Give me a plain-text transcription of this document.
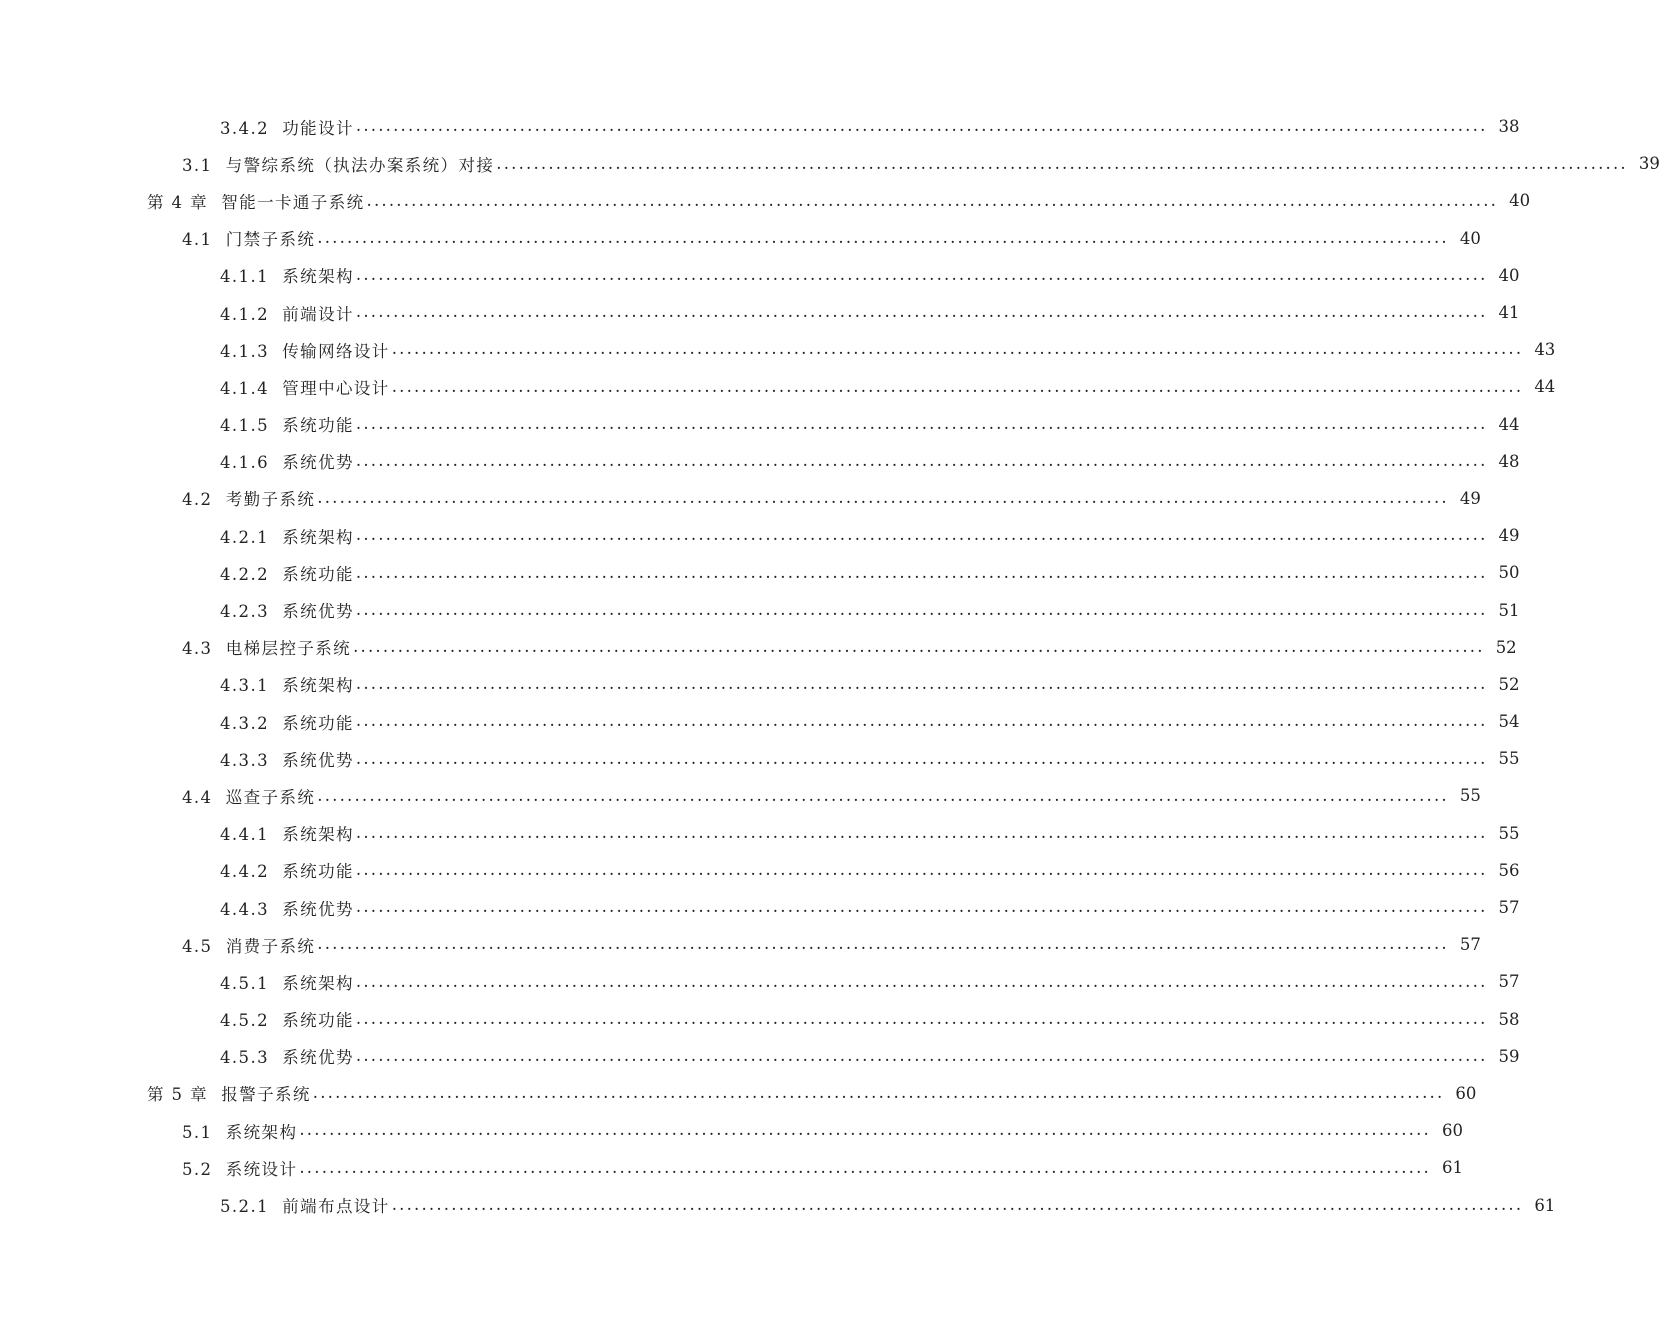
3.4.2 功能设计 ........................................................................................................................................................ 38
3.1 与警综系统（执法办案系统）对接 ........................................................................................................................................................ 39
第 4 章 智能一卡通子系统 ........................................................................................................................................................ 40
4.1 门禁子系统 ........................................................................................................................................................ 40
4.1.1 系统架构 ........................................................................................................................................................ 40
4.1.2 前端设计 ........................................................................................................................................................ 41
4.1.3 传输网络设计 ........................................................................................................................................................ 43
4.1.4 管理中心设计 ........................................................................................................................................................ 44
4.1.5 系统功能 ........................................................................................................................................................ 44
4.1.6 系统优势 ........................................................................................................................................................ 48
4.2 考勤子系统 ........................................................................................................................................................ 49
4.2.1 系统架构 ........................................................................................................................................................ 49
4.2.2 系统功能 ........................................................................................................................................................ 50
4.2.3 系统优势 ........................................................................................................................................................ 51
4.3 电梯层控子系统 ........................................................................................................................................................ 52
4.3.1 系统架构 ........................................................................................................................................................ 52
4.3.2 系统功能 ........................................................................................................................................................ 54
4.3.3 系统优势 ........................................................................................................................................................ 55
4.4 巡查子系统 ........................................................................................................................................................ 55
4.4.1 系统架构 ........................................................................................................................................................ 55
4.4.2 系统功能 ........................................................................................................................................................ 56
4.4.3 系统优势 ........................................................................................................................................................ 57
4.5 消费子系统 ........................................................................................................................................................ 57
4.5.1 系统架构 ........................................................................................................................................................ 57
4.5.2 系统功能 ........................................................................................................................................................ 58
4.5.3 系统优势 ........................................................................................................................................................ 59
第 5 章 报警子系统 ........................................................................................................................................................ 60
5.1 系统架构 ........................................................................................................................................................ 60
5.2 系统设计 ........................................................................................................................................................ 61
5.2.1 前端布点设计 ........................................................................................................................................................ 61
